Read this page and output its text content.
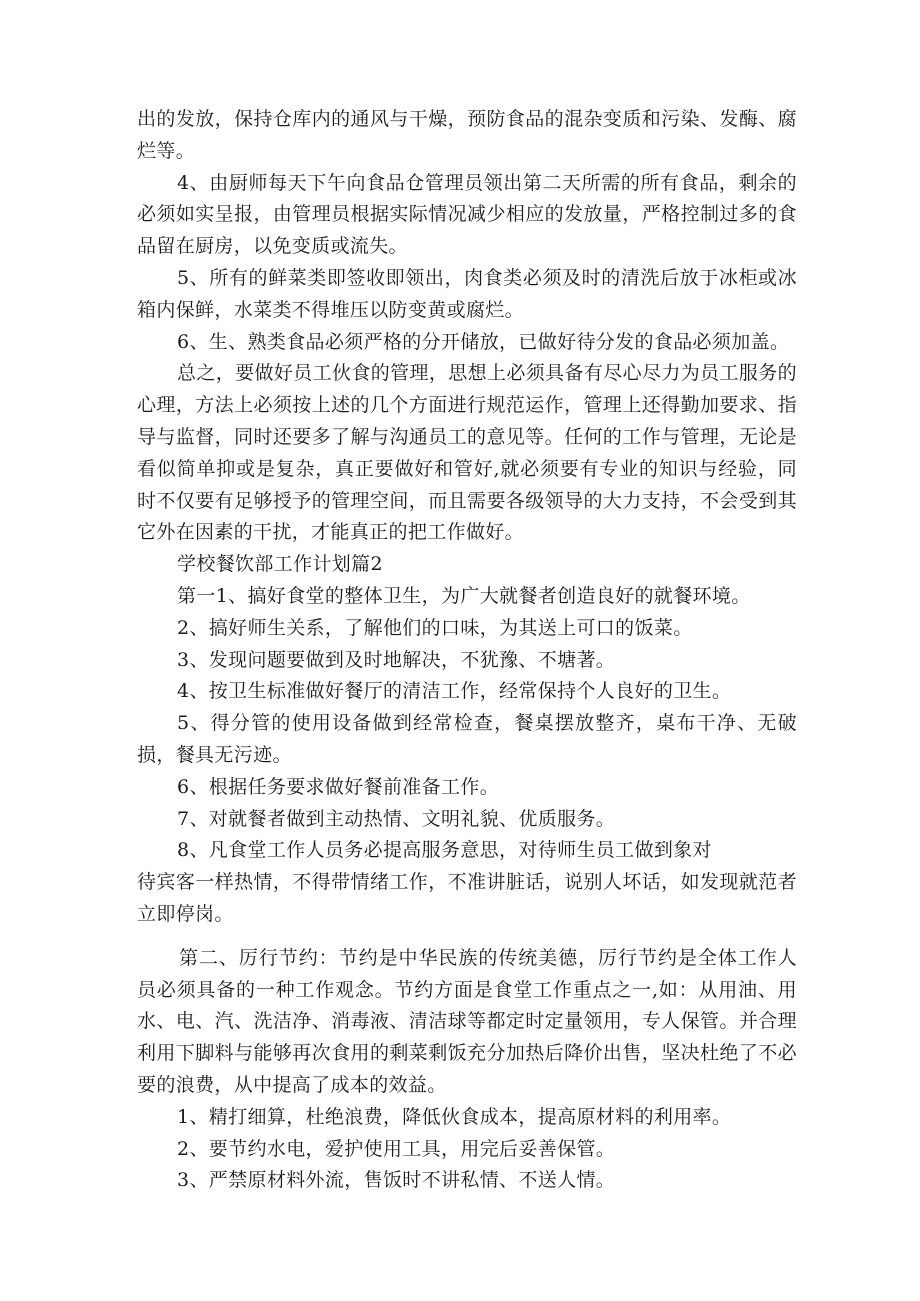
出的发放，保持仓库内的通风与干燥，预防食品的混杂变质和污染、发酶、腐烂等。

4、由厨师每天下午向食品仓管理员领出第二天所需的所有食品，剩余的必须如实呈报，由管理员根据实际情况减少相应的发放量，严格控制过多的食品留在厨房，以免变质或流失。

5、所有的鲜菜类即签收即领出，肉食类必须及时的清洗后放于冰柜或冰箱内保鲜，水菜类不得堆压以防变黄或腐烂。

6、生、熟类食品必须严格的分开储放，已做好待分发的食品必须加盖。

总之，要做好员工伙食的管理，思想上必须具备有尽心尽力为员工服务的心理，方法上必须按上述的几个方面进行规范运作，管理上还得勤加要求、指导与监督，同时还要多了解与沟通员工的意见等。任何的工作与管理，无论是看似简单抑或是复杂，真正要做好和管好,就必须要有专业的知识与经验，同时不仅要有足够授予的管理空间，而且需要各级领导的大力支持，不会受到其它外在因素的干扰，才能真正的把工作做好。

学校餐饮部工作计划篇2

第一1、搞好食堂的整体卫生，为广大就餐者创造良好的就餐环境。

2、搞好师生关系，了解他们的口味，为其送上可口的饭菜。

3、发现问题要做到及时地解决，不犹豫、不塘著。

4、按卫生标准做好餐厅的清洁工作，经常保持个人良好的卫生。

5、得分管的使用设备做到经常检查，餐桌摆放整齐，桌布干净、无破损，餐具无污迹。

6、根据任务要求做好餐前准备工作。

7、对就餐者做到主动热情、文明礼貌、优质服务。

8、凡食堂工作人员务必提高服务意思，对待师生员工做到象对

待宾客一样热情，不得带情绪工作，不准讲脏话，说别人坏话，如发现就范者立即停岗。

第二、厉行节约：节约是中华民族的传统美德，厉行节约是全体工作人员必须具备的一种工作观念。节约方面是食堂工作重点之一,如：从用油、用水、电、汽、洗洁净、消毒液、清洁球等都定时定量领用，专人保管。并合理利用下脚料与能够再次食用的剩菜剩饭充分加热后降价出售，坚决杜绝了不必要的浪费，从中提高了成本的效益。

1、精打细算，杜绝浪费，降低伙食成本，提高原材料的利用率。

2、要节约水电，爱护使用工具，用完后妥善保管。

3、严禁原材料外流，售饭时不讲私情、不送人情。
